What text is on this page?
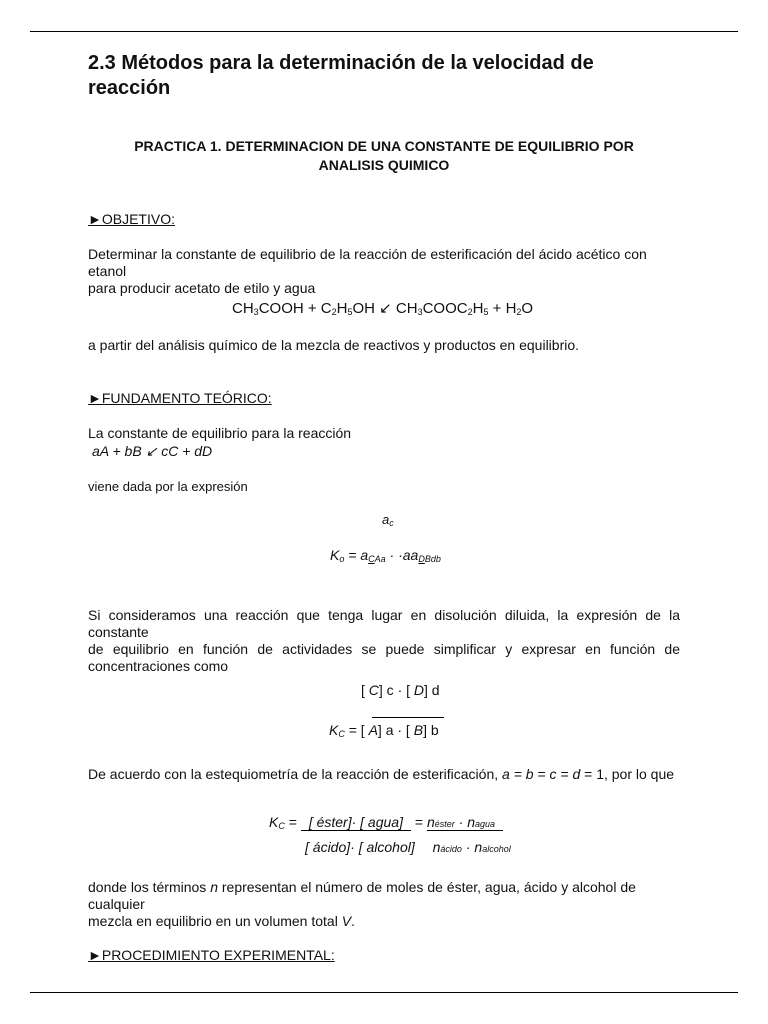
2.3 Métodos para la determinación de la velocidad de
reacción
PRACTICA 1. DETERMINACION DE UNA CONSTANTE DE EQUILIBRIO POR
ANALISIS QUIMICO
►OBJETIVO:
Determinar la constante de equilibrio de la reacción de esterificación del ácido acético con etanol
para producir acetato de etilo y agua
$CH_3COOH + C_2H_5OH$ ↙ $CH_3COOC_2H_5 + H_2O$
a partir del análisis químico de la mezcla de reactivos y productos en equilibrio.
►FUNDAMENTO TEÓRICO:
La constante de equilibrio para la reacción
aA + bB ↙ cC + dD
viene dada por la expresión
$a_c$
$K_o = a_{CAa} \cdot \cdot aa_{DBdb}$
Si consideramos una reacción que tenga lugar en disolución diluida, la expresión de la constante
de equilibrio en función de actividades se puede simplificar y expresar en función de
concentraciones como
[ C] c · [ D] d
$K_C$ = [ A] a · [ B] b
De acuerdo con la estequiometría de la reacción de esterificación, a = b = c = d = 1, por lo que
$K_C$ = [ éster]· [ agua] = néster · nagua
[ ácido]· [ alcohol] nácido · nalcohol
donde los términos n representan el número de moles de éster, agua, ácido y alcohol de cualquier
mezcla en equilibrio en un volumen total V.
►PROCEDIMIENTO EXPERIMENTAL:
